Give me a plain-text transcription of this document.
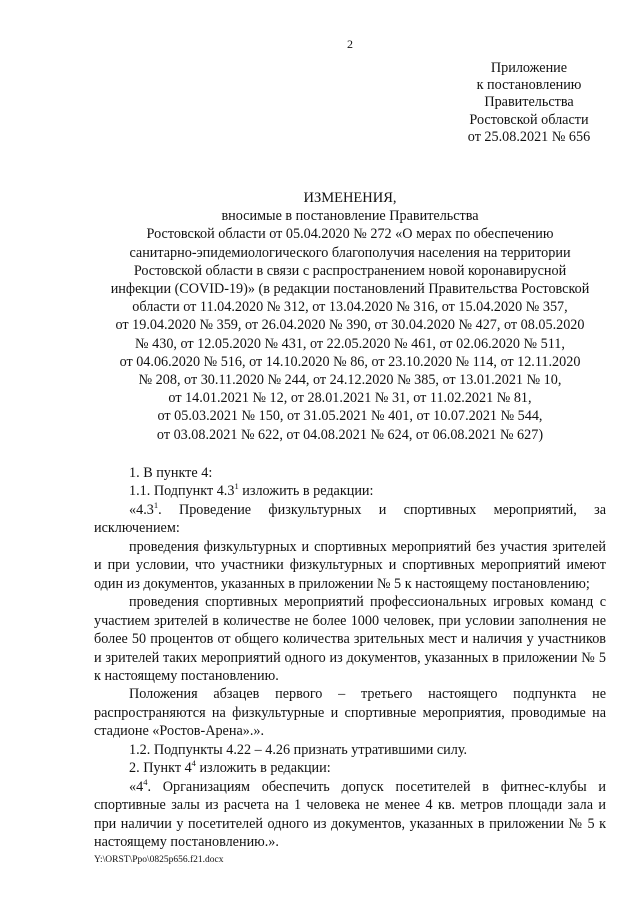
2
Приложение
к постановлению
Правительства
Ростовской области
от 25.08.2021 № 656
ИЗМЕНЕНИЯ,
вносимые в постановление Правительства
Ростовской области от 05.04.2020 № 272 «О мерах по обеспечению
санитарно-эпидемиологического благополучия населения на территории
Ростовской области в связи с распространением новой коронавирусной
инфекции (COVID-19)» (в редакции постановлений Правительства Ростовской
области от 11.04.2020 № 312, от 13.04.2020 № 316, от 15.04.2020 № 357,
от 19.04.2020 № 359, от 26.04.2020 № 390, от 30.04.2020 № 427, от 08.05.2020
№ 430, от 12.05.2020 № 431, от 22.05.2020 № 461, от 02.06.2020 № 511,
от 04.06.2020 № 516, от 14.10.2020 № 86, от 23.10.2020 № 114, от 12.11.2020
№ 208, от 30.11.2020 № 244, от 24.12.2020 № 385, от 13.01.2021 № 10,
от 14.01.2021 № 12, от 28.01.2021 № 31, от 11.02.2021 № 81,
от 05.03.2021 № 150, от 31.05.2021 № 401, от 10.07.2021 № 544,
от 03.08.2021 № 622, от 04.08.2021 № 624, от 06.08.2021 № 627)

1. В пункте 4:

1.1. Подпункт $4.3^1$ изложить в редакции:

«$4.3^1$. Проведение физкультурных и спортивных мероприятий, за исключением:

проведения физкультурных и спортивных мероприятий без участия зрителей и при условии, что участники физкультурных и спортивных мероприятий имеют один из документов, указанных в приложении № 5 к настоящему постановлению;

проведения спортивных мероприятий профессиональных игровых команд с участием зрителей в количестве не более 1000 человек, при условии заполнения не более 50 процентов от общего количества зрительных мест и наличия у участников и зрителей таких мероприятий одного из документов, указанных в приложении № 5 к настоящему постановлению.

Положения абзацев первого – третьего настоящего подпункта не распространяются на физкультурные и спортивные мероприятия, проводимые на стадионе «Ростов-Арена».».

1.2. Подпункты 4.22 – 4.26 признать утратившими силу.

2. Пункт $4^4$ изложить в редакции:

«$4^4$. Организациям обеспечить допуск посетителей в фитнес-клубы и спортивные залы из расчета на 1 человека не менее 4 кв. метров площади зала и при наличии у посетителей одного из документов, указанных в приложении № 5 к настоящему постановлению.».

Y:\ORST\Ppo\0825p656.f21.docx
